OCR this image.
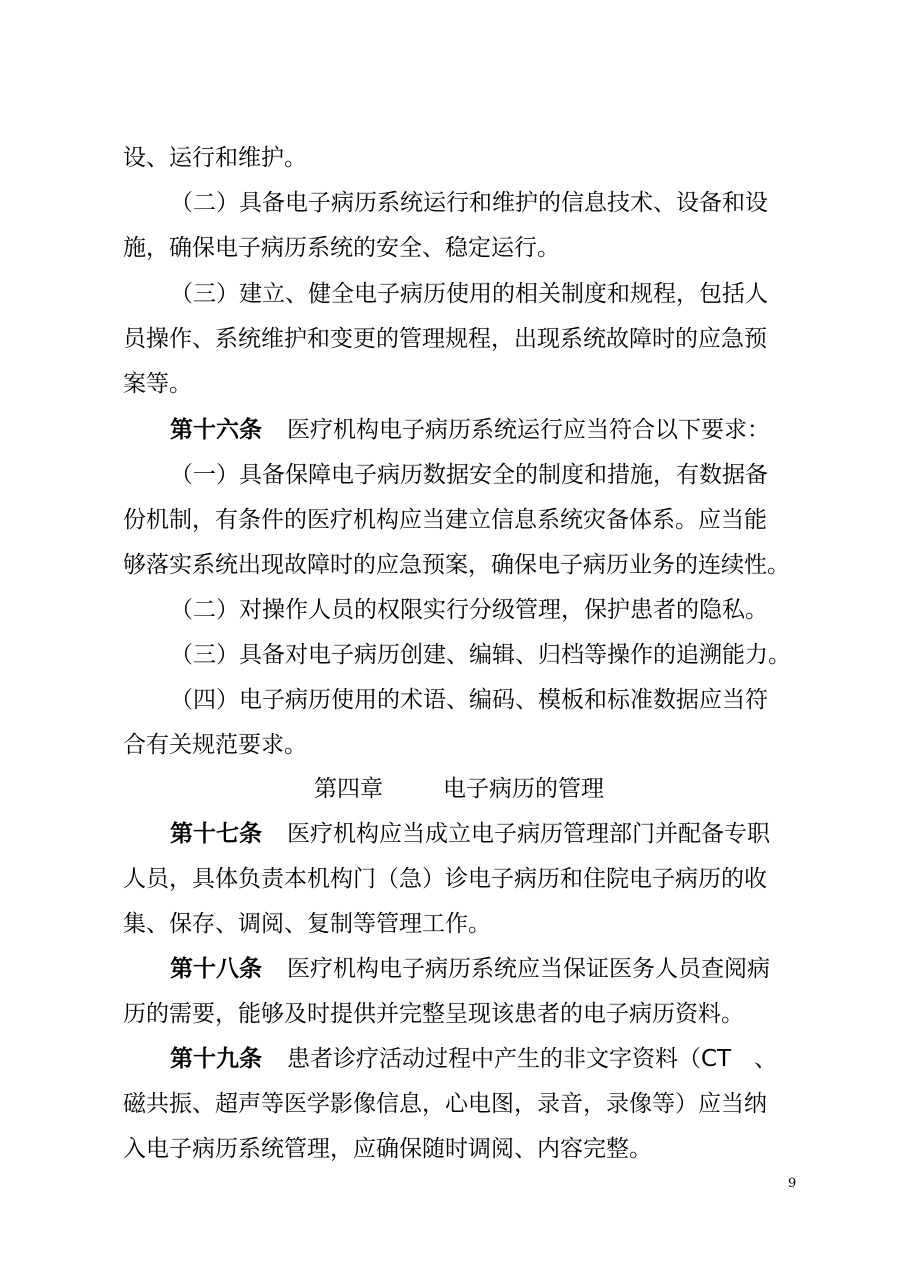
设、运行和维护。
（二）具备电子病历系统运行和维护的信息技术、设备和设
施，确保电子病历系统的安全、稳定运行。
（三）建立、健全电子病历使用的相关制度和规程，包括人
员操作、系统维护和变更的管理规程，出现系统故障时的应急预
案等。
第十六条 医疗机构电子病历系统运行应当符合以下要求：
（一）具备保障电子病历数据安全的制度和措施，有数据备
份机制，有条件的医疗机构应当建立信息系统灾备体系。应当能
够落实系统出现故障时的应急预案，确保电子病历业务的连续性。
（二）对操作人员的权限实行分级管理，保护患者的隐私。
（三）具备对电子病历创建、编辑、归档等操作的追溯能力。
（四）电子病历使用的术语、编码、模板和标准数据应当符
合有关规范要求。
第四章	电子病历的管理
第十七条 医疗机构应当成立电子病历管理部门并配备专职
人员，具体负责本机构门（急）诊电子病历和住院电子病历的收
集、保存、调阅、复制等管理工作。
第十八条 医疗机构电子病历系统应当保证医务人员查阅病
历的需要，能够及时提供并完整呈现该患者的电子病历资料。
第十九条 患者诊疗活动过程中产生的非文字资料（CT　、
磁共振、超声等医学影像信息，心电图，录音，录像等）应当纳
入电子病历系统管理，应确保随时调阅、内容完整。
9
